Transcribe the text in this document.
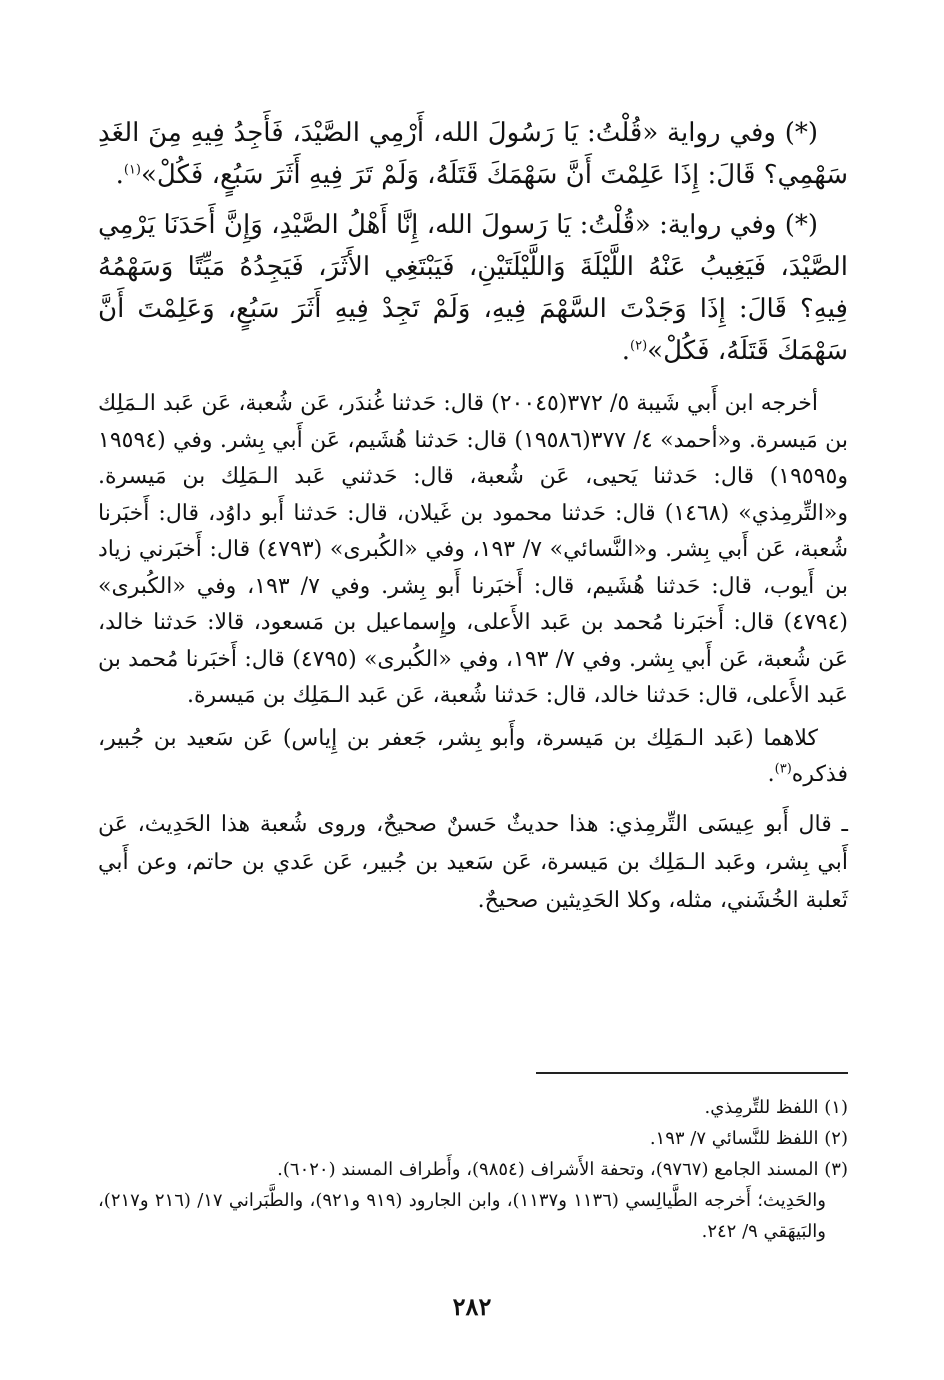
(*) وفي رواية «قُلْتُ: يَا رَسُولَ الله، أَرْمِي الصَّيْدَ، فَأَجِدُ فِيهِ مِنَ الغَدِ سَهْمِي؟ قَالَ: إِذَا عَلِمْتَ أَنَّ سَهْمَكَ قَتَلَهُ، وَلَمْ تَرَ فِيهِ أَثَرَ سَبُعٍ، فَكُلْ»$^{(١)}$.

(*) وفي رواية: «قُلْتُ: يَا رَسولَ الله، إِنَّا أَهْلُ الصَّيْدِ، وَإِنَّ أَحَدَنَا يَرْمِي الصَّيْدَ، فَيَغِيبُ عَنْهُ اللَّيْلَةَ وَاللَّيْلَتَيْنِ، فَيَبْتَغِي الأَثَرَ، فَيَجِدُهُ مَيِّتًا وَسَهْمُهُ فِيهِ؟ قَالَ: إِذَا وَجَدْتَ السَّهْمَ فِيهِ، وَلَمْ تَجِدْ فِيهِ أَثَرَ سَبُعٍ، وَعَلِمْتَ أَنَّ سَهْمَكَ قَتَلَهُ، فَكُلْ»$^{(٢)}$.

أخرجه ابن أَبي شَيبة ٥/ ٣٧٢(٢٠٠٤٥) قال: حَدثنا غُندَر، عَن شُعبة، عَن عَبد الـمَلِك بن مَيسرة. و«أحمد» ٤/ ٣٧٧(١٩٥٨٦) قال: حَدثنا هُشَيم، عَن أَبي بِشر. وفي (١٩٥٩٤ و١٩٥٩٥) قال: حَدثنا يَحيى، عَن شُعبة، قال: حَدثني عَبد الـمَلِك بن مَيسرة. و«التِّرمِذي» (١٤٦٨) قال: حَدثنا محمود بن غَيلان، قال: حَدثنا أَبو داوُد، قال: أَخبَرنا شُعبة، عَن أَبي بِشر. و«النَّسائي» ٧/ ١٩٣، وفي «الكُبرى» (٤٧٩٣) قال: أَخبَرني زياد بن أَيوب، قال: حَدثنا هُشَيم، قال: أَخبَرنا أَبو بِشر. وفي ٧/ ١٩٣، وفي «الكُبرى» (٤٧٩٤) قال: أَخبَرنا مُحمد بن عَبد الأَعلى، وإِسماعيل بن مَسعود، قالا: حَدثنا خالد، عَن شُعبة، عَن أَبي بِشر. وفي ٧/ ١٩٣، وفي «الكُبرى» (٤٧٩٥) قال: أَخبَرنا مُحمد بن عَبد الأَعلى، قال: حَدثنا خالد، قال: حَدثنا شُعبة، عَن عَبد الـمَلِك بن مَيسرة.

كلاهما (عَبد الـمَلِك بن مَيسرة، وأَبو بِشر، جَعفر بن إِياس) عَن سَعيد بن جُبير، فذكره$^{(٣)}$.

ـ قال أَبو عِيسَى التِّرمِذي: هذا حديثٌ حَسنٌ صحيحٌ، وروى شُعبة هذا الحَدِيث، عَن أَبي بِشر، وعَبد الـمَلِك بن مَيسرة، عَن سَعيد بن جُبير، عَن عَدي بن حاتم، وعن أَبي ثَعلبة الخُشَني، مثله، وكلا الحَدِيثين صحيحٌ.

(١) اللفظ للتِّرمِذي.
(٢) اللفظ للنَّسائي ٧/ ١٩٣.
(٣) المسند الجامع (٩٧٦٧)، وتحفة الأَشراف (٩٨٥٤)، وأَطراف المسند (٦٠٢٠).
والحَدِيث؛ أَخرجه الطَّيالِسي (١١٣٦ و١١٣٧)، وابن الجارود (٩١٩ و٩٢١)، والطَّبَراني ١٧/ (٢١٦ و٢١٧)، والبَيهَقي ٩/ ٢٤٢.
٢٨٢
